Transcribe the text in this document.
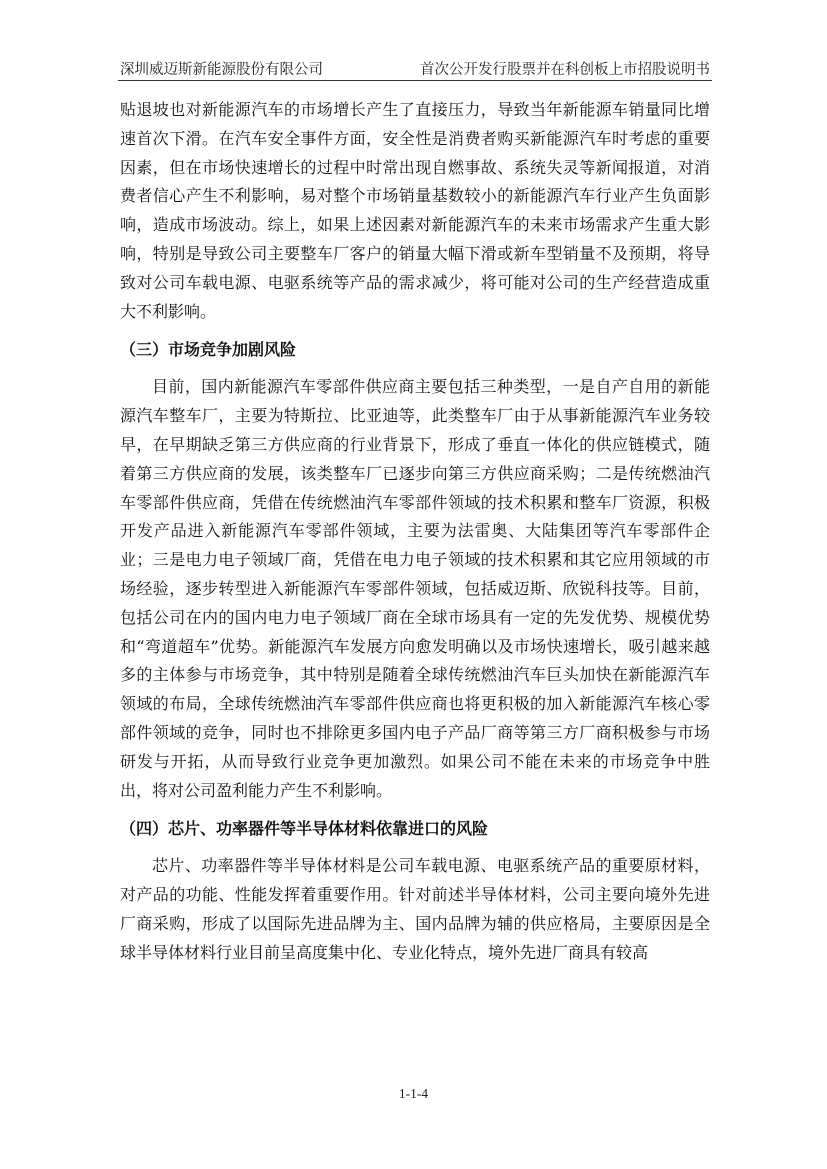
深圳威迈斯新能源股份有限公司	首次公开发行股票并在科创板上市招股说明书

贴退坡也对新能源汽车的市场增长产生了直接压力，导致当年新能源车销量同比增速首次下滑。在汽车安全事件方面，安全性是消费者购买新能源汽车时考虑的重要因素，但在市场快速增长的过程中时常出现自燃事故、系统失灵等新闻报道，对消费者信心产生不利影响，易对整个市场销量基数较小的新能源汽车行业产生负面影响，造成市场波动。综上，如果上述因素对新能源汽车的未来市场需求产生重大影响，特别是导致公司主要整车厂客户的销量大幅下滑或新车型销量不及预期，将导致对公司车载电源、电驱系统等产品的需求减少，将可能对公司的生产经营造成重大不利影响。

（三）市场竞争加剧风险

目前，国内新能源汽车零部件供应商主要包括三种类型，一是自产自用的新能源汽车整车厂，主要为特斯拉、比亚迪等，此类整车厂由于从事新能源汽车业务较早，在早期缺乏第三方供应商的行业背景下，形成了垂直一体化的供应链模式，随着第三方供应商的发展，该类整车厂已逐步向第三方供应商采购；二是传统燃油汽车零部件供应商，凭借在传统燃油汽车零部件领域的技术积累和整车厂资源，积极开发产品进入新能源汽车零部件领域，主要为法雷奥、大陆集团等汽车零部件企业；三是电力电子领域厂商，凭借在电力电子领域的技术积累和其它应用领域的市场经验，逐步转型进入新能源汽车零部件领域，包括威迈斯、欣锐科技等。目前，包括公司在内的国内电力电子领域厂商在全球市场具有一定的先发优势、规模优势和“弯道超车”优势。新能源汽车发展方向愈发明确以及市场快速增长，吸引越来越多的主体参与市场竞争，其中特别是随着全球传统燃油汽车巨头加快在新能源汽车领域的布局，全球传统燃油汽车零部件供应商也将更积极的加入新能源汽车核心零部件领域的竞争，同时也不排除更多国内电子产品厂商等第三方厂商积极参与市场研发与开拓，从而导致行业竞争更加激烈。如果公司不能在未来的市场竞争中胜出，将对公司盈利能力产生不利影响。

（四）芯片、功率器件等半导体材料依靠进口的风险

芯片、功率器件等半导体材料是公司车载电源、电驱系统产品的重要原材料，对产品的功能、性能发挥着重要作用。针对前述半导体材料，公司主要向境外先进厂商采购，形成了以国际先进品牌为主、国内品牌为辅的供应格局，主要原因是全球半导体材料行业目前呈高度集中化、专业化特点，境外先进厂商具有较高

1-1-4
